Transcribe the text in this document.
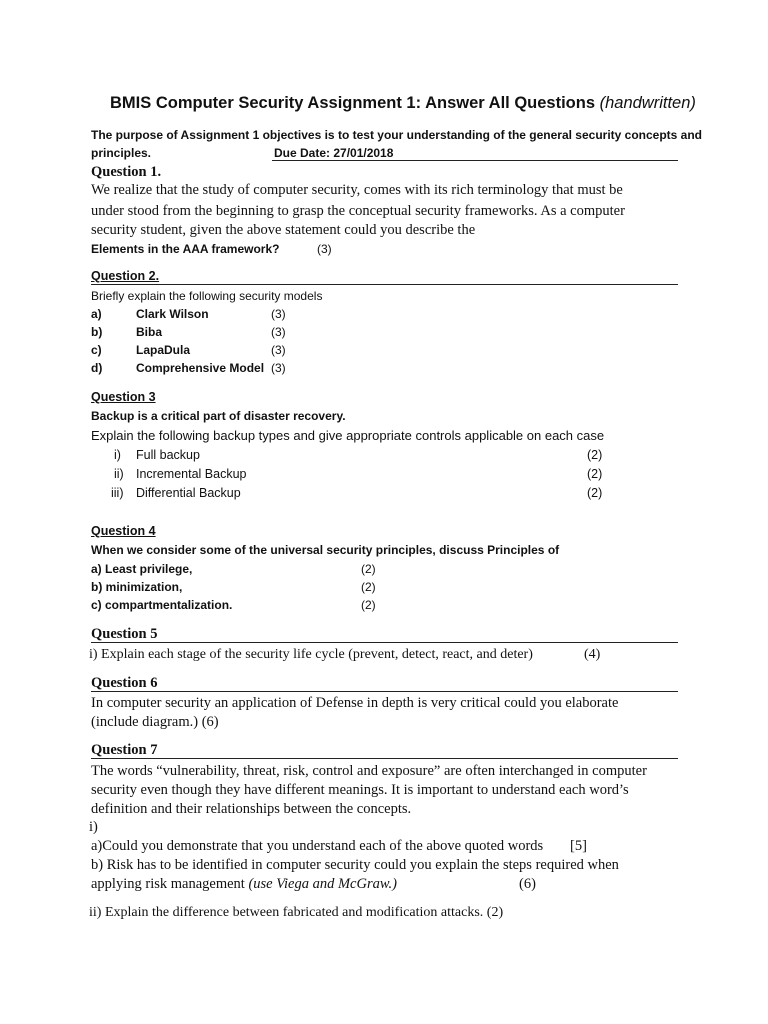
BMIS Computer Security Assignment 1: Answer All Questions (handwritten)
The purpose of Assignment 1 objectives is to test your understanding of the general security concepts and
principles.	Due Date: 27/01/2018
Question 1.
We realize that the study of computer security, comes with its rich terminology that must be
under stood from the beginning to grasp the conceptual security frameworks. As a computer
security student, given the above statement could you describe the
Elements in the AAA framework?	(3)
Question 2.
Briefly explain the following security models
a)	Clark Wilson	(3)
b)	Biba	(3)
c)	LapaDula	(3)
d)	Comprehensive Model (3)
Question 3
Backup is a critical part of disaster recovery.
Explain the following backup types and give appropriate controls applicable on each case
i) Full backup	(2)
ii) Incremental Backup	(2)
iii) Differential Backup	(2)
Question 4
When we consider some of the universal security principles, discuss Principles of
a) Least privilege,	(2)
b) minimization,	(2)
c) compartmentalization.	(2)
Question 5
i) Explain each stage of the security life cycle (prevent, detect, react, and deter)	(4)
Question 6
In computer security an application of Defense in depth is very critical could you elaborate
(include diagram.) (6)
Question 7
The words “vulnerability, threat, risk, control and exposure” are often interchanged in computer
security even though they have different meanings. It is important to understand each word’s
definition and their relationships between the concepts.
i)
a)Could you demonstrate that you understand each of the above quoted words [5]
b) Risk has to be identified in computer security could you explain the steps required when
applying risk management (use Viega and McGraw.)	(6)
ii) Explain the difference between fabricated and modification attacks. (2)
